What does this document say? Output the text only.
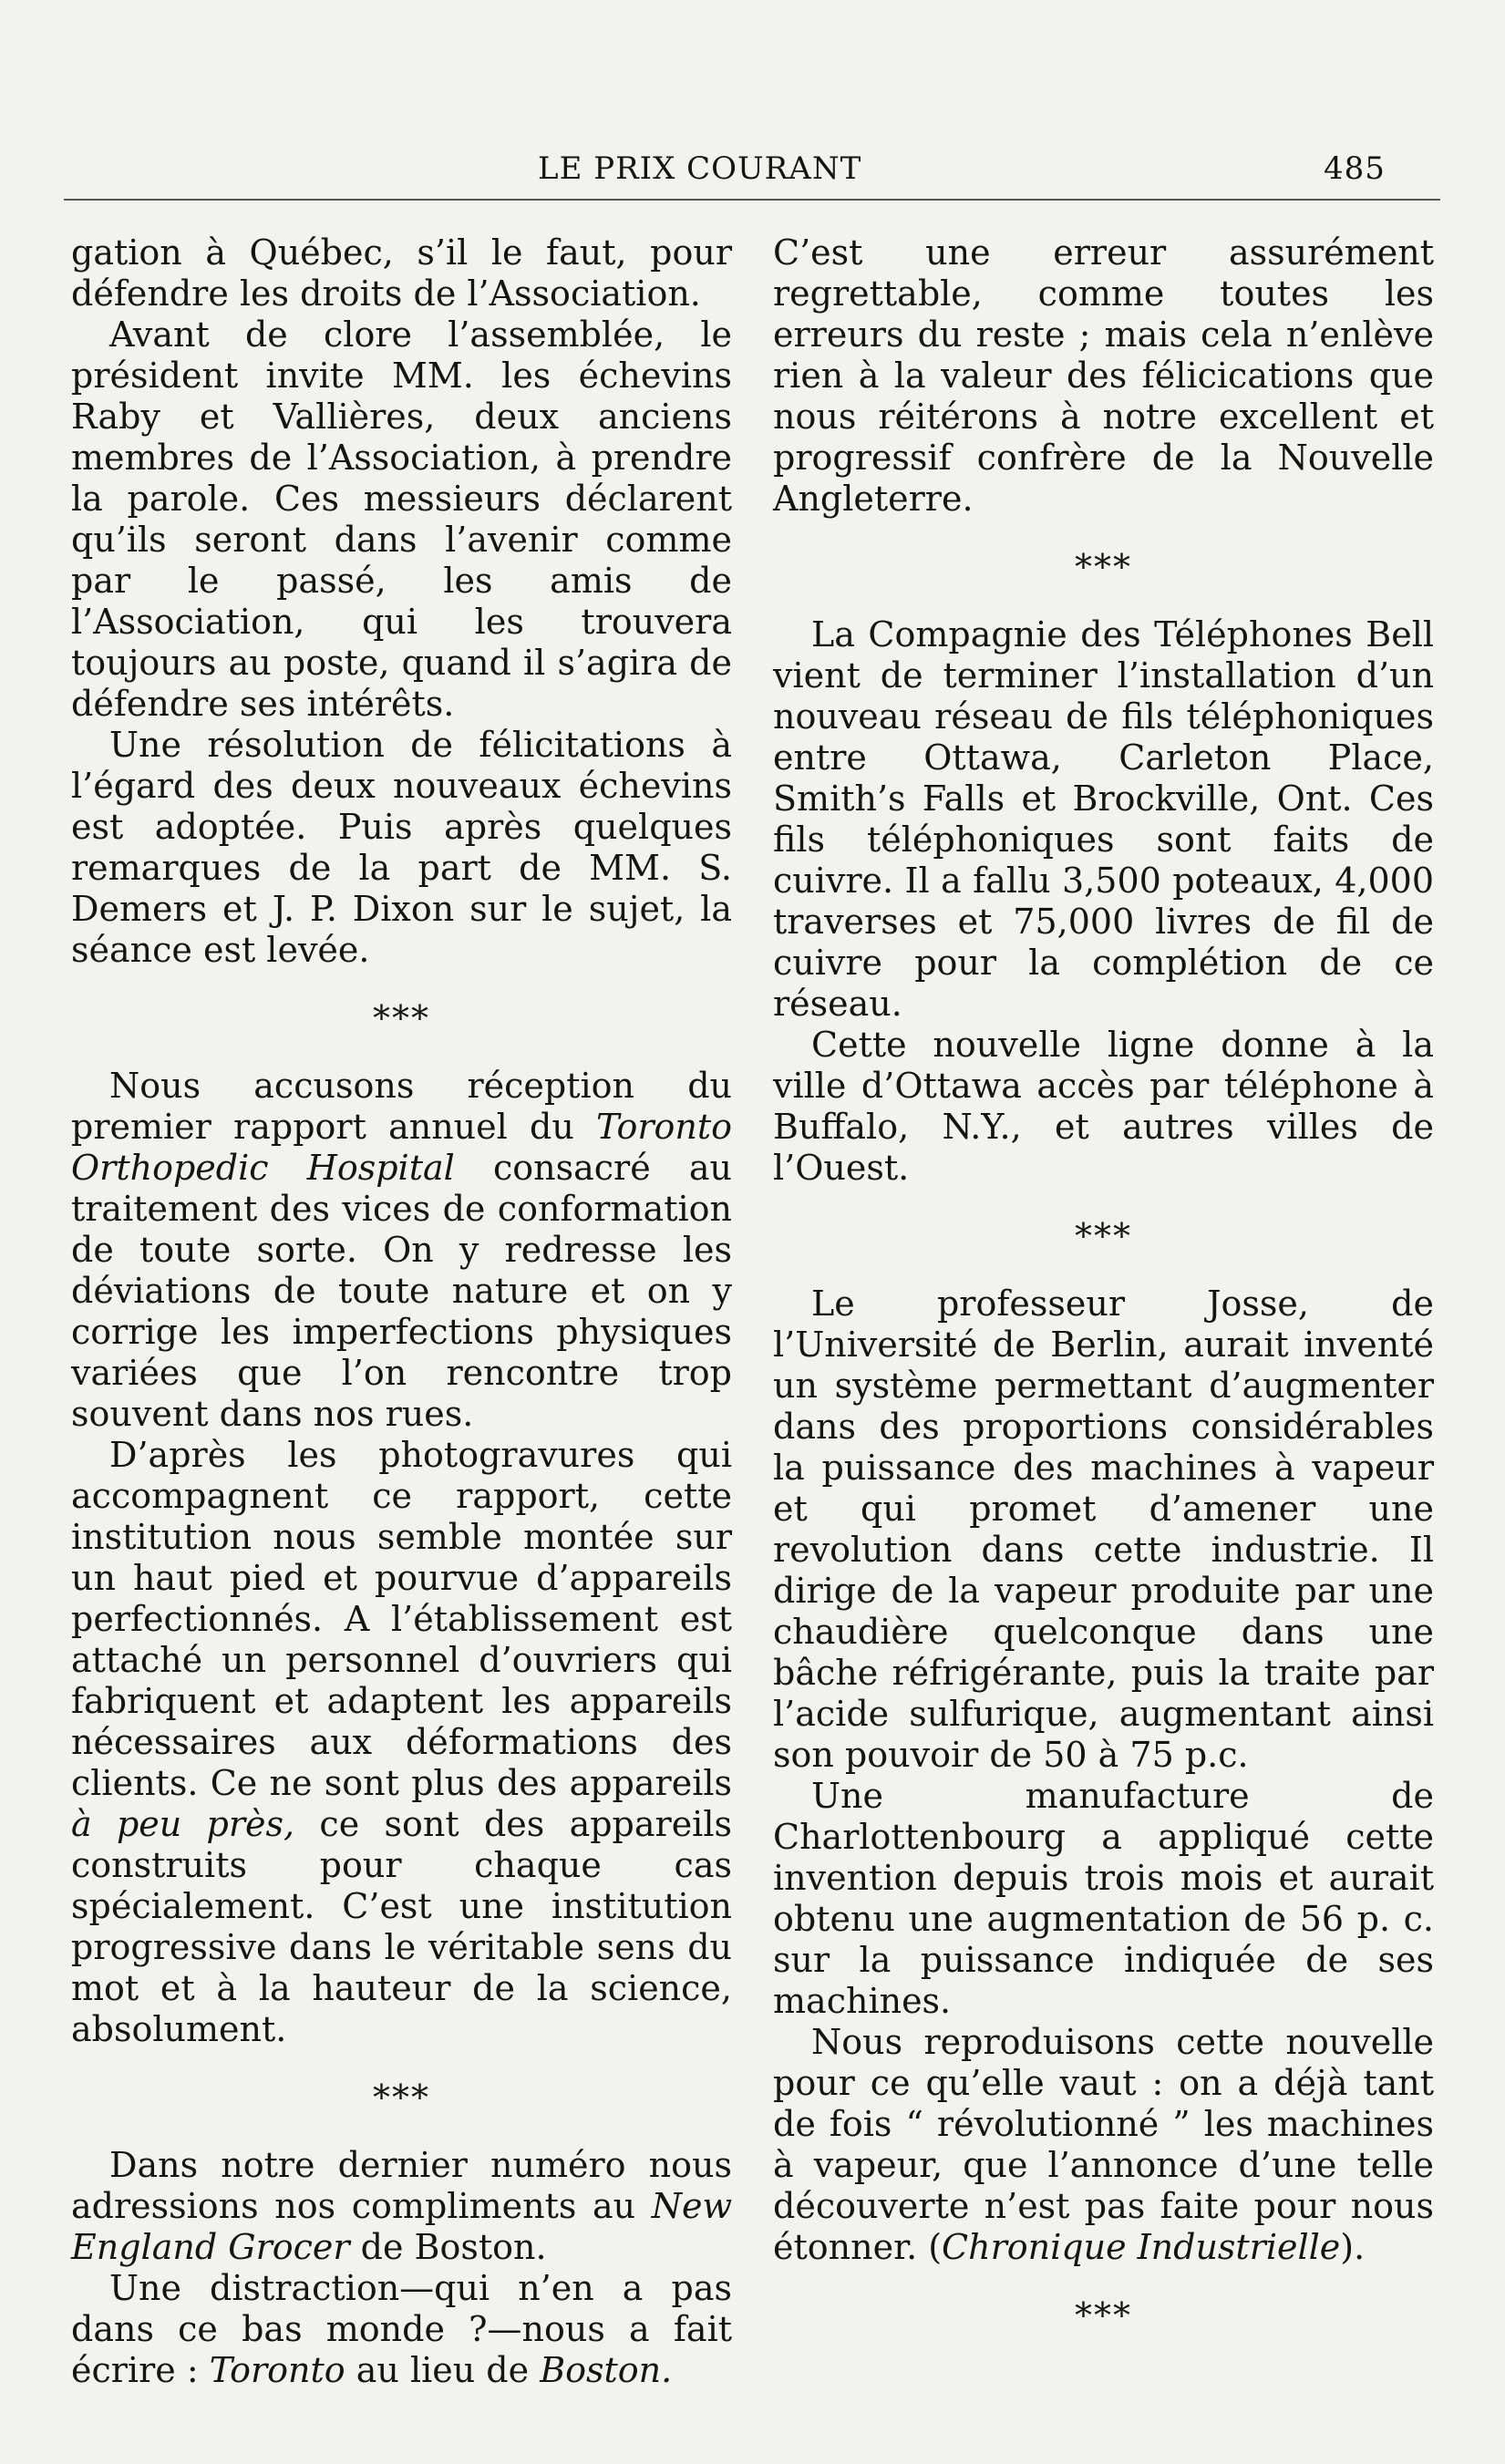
LE PRIX COURANT	485

gation à Québec, s’il le faut, pour défendre les droits de l’Association.

Avant de clore l’assemblée, le président invite MM. les échevins Raby et Vallières, deux anciens membres de l’Association, à prendre la parole. Ces messieurs déclarent qu’ils seront dans l’avenir comme par le passé, les amis de l’Association, qui les trouvera toujours au poste, quand il s’agira de défendre ses intérêts.

Une résolution de félicitations à l’égard des deux nouveaux échevins est adoptée. Puis après quelques remarques de la part de MM. S. Demers et J. P. Dixon sur le sujet, la séance est levée.

***

Nous accusons réception du premier rapport annuel du Toronto Orthopedic Hospital consacré au traitement des vices de conformation de toute sorte. On y redresse les déviations de toute nature et on y corrige les imperfections physiques variées que l’on rencontre trop souvent dans nos rues.

D’après les photogravures qui accompagnent ce rapport, cette institution nous semble montée sur un haut pied et pourvue d’appareils perfectionnés. A l’établissement est attaché un personnel d’ouvriers qui fabriquent et adaptent les appareils nécessaires aux déformations des clients. Ce ne sont plus des appareils à peu près, ce sont des appareils construits pour chaque cas spécialement. C’est une institution progressive dans le véritable sens du mot et à la hauteur de la science, absolument.

***

Dans notre dernier numéro nous adressions nos compliments au New England Grocer de Boston.

Une distraction—qui n’en a pas dans ce bas monde ?—nous a fait écrire : Toronto au lieu de Boston.

C’est une erreur assurément regrettable, comme toutes les erreurs du reste ; mais cela n’enlève rien à la valeur des félicications que nous réitérons à notre excellent et progressif confrère de la Nouvelle Angleterre.

***

La Compagnie des Téléphones Bell vient de terminer l’installation d’un nouveau réseau de fils téléphoniques entre Ottawa, Carleton Place, Smith’s Falls et Brockville, Ont. Ces fils téléphoniques sont faits de cuivre. Il a fallu 3,500 poteaux, 4,000 traverses et 75,000 livres de fil de cuivre pour la complétion de ce réseau.

Cette nouvelle ligne donne à la ville d’Ottawa accès par téléphone à Buffalo, N.Y., et autres villes de l’Ouest.

***

Le professeur Josse, de l’Université de Berlin, aurait inventé un système permettant d’augmenter dans des proportions considérables la puissance des machines à vapeur et qui promet d’amener une revolution dans cette industrie. Il dirige de la vapeur produite par une chaudière quelconque dans une bâche réfrigérante, puis la traite par l’acide sulfurique, augmentant ainsi son pouvoir de 50 à 75 p.c.

Une manufacture de Charlottenbourg a appliqué cette invention depuis trois mois et aurait obtenu une augmentation de 56 p. c. sur la puissance indiquée de ses machines.

Nous reproduisons cette nouvelle pour ce qu’elle vaut : on a déjà tant de fois “ révolutionné ” les machines à vapeur, que l’annonce d’une telle découverte n’est pas faite pour nous étonner. (Chronique Industrielle).

***
